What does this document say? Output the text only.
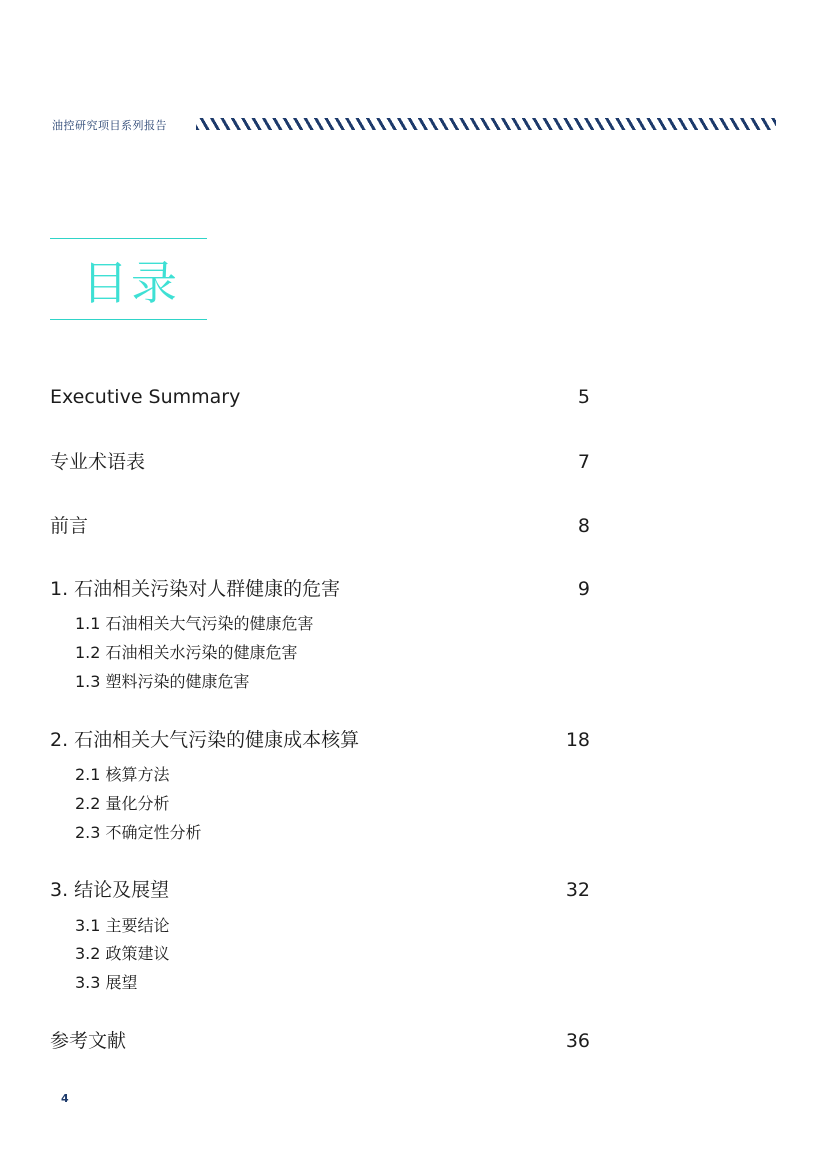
油控研究项目系列报告
目录
Executive Summary	5
专业术语表	7
前言	8
1. 石油相关污染对人群健康的危害	9
1.1 石油相关大气污染的健康危害
1.2 石油相关水污染的健康危害
1.3 塑料污染的健康危害
2. 石油相关大气污染的健康成本核算	18
2.1 核算方法
2.2 量化分析
2.3 不确定性分析
3. 结论及展望	32
3.1 主要结论
3.2 政策建议
3.3 展望
参考文献	36
4
